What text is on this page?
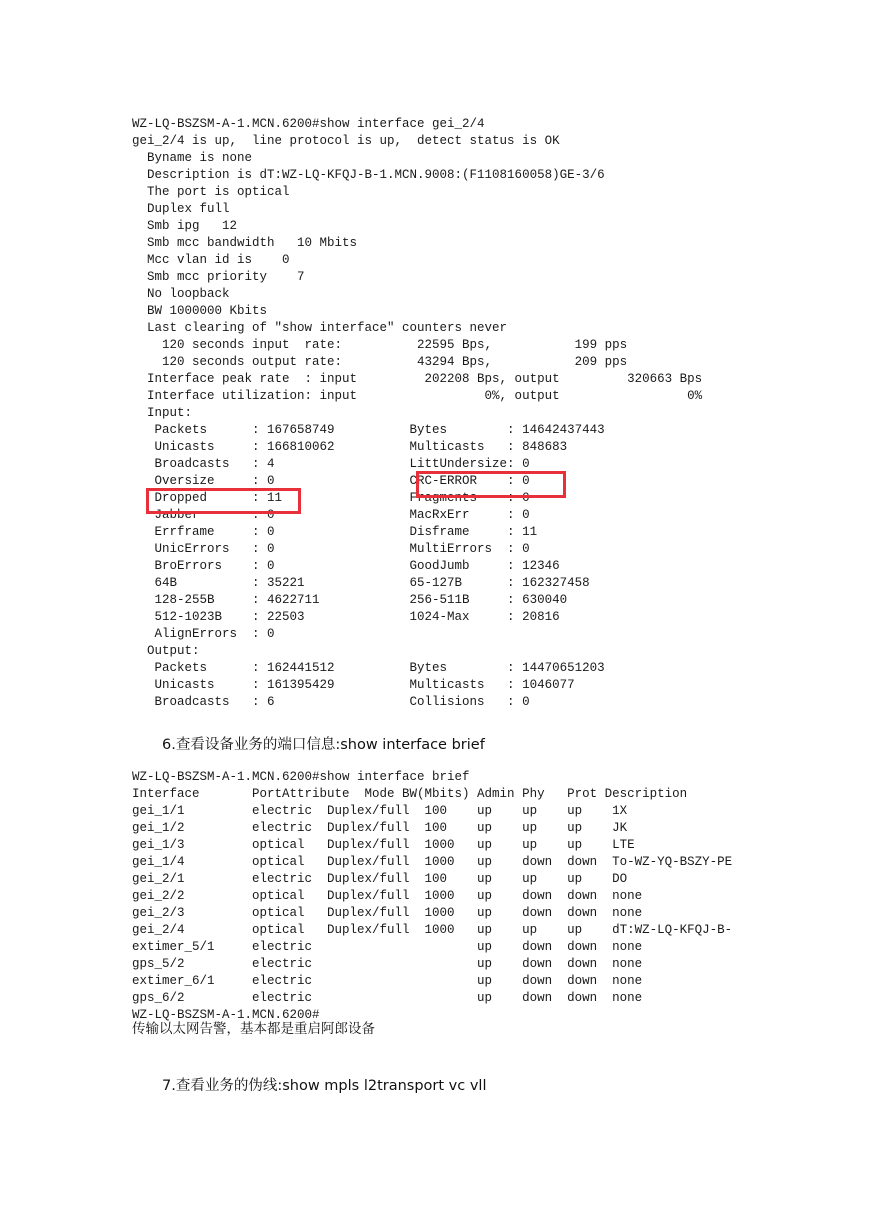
WZ-LQ-BSZSM-A-1.MCN.6200#show interface gei_2/4
gei_2/4 is up,  line protocol is up,  detect status is OK
Byname is none
Description is dT:WZ-LQ-KFQJ-B-1.MCN.9008:(F1108160058)GE-3/6
The port is optical
Duplex full
Smb ipg   12
Smb mcc bandwidth   10 Mbits
Mcc vlan id is    0
Smb mcc priority    7
No loopback
BW 1000000 Kbits
Last clearing of "show interface" counters never
120 seconds input  rate:          22595 Bps,           199 pps
120 seconds output rate:          43294 Bps,           209 pps
Interface peak rate  : input         202208 Bps, output         320663 Bps
Interface utilization: input                 0%, output                 0%
Input:
Packets      : 167658749          Bytes        : 14642437443
Unicasts     : 166810062          Multicasts   : 848683
Broadcasts   : 4                  LittUndersize: 0
Oversize     : 0                  CRC-ERROR    : 0
Dropped      : 11                 Fragments    : 0
Jabber       : 0                  MacRxErr     : 0
Errframe     : 0                  Disframe     : 11
UnicErrors   : 0                  MultiErrors  : 0
BroErrors    : 0                  GoodJumb     : 12346
64B          : 35221              65-127B      : 162327458
128-255B     : 4622711            256-511B     : 630040
512-1023B    : 22503              1024-Max     : 20816
AlignErrors  : 0
Output:
Packets      : 162441512          Bytes        : 14470651203
Unicasts     : 161395429          Multicasts   : 1046077
Broadcasts   : 6                  Collisions   : 0

6.查看设备业务的端口信息:show interface brief

WZ-LQ-BSZSM-A-1.MCN.6200#show interface brief
Interface       PortAttribute  Mode BW(Mbits) Admin Phy   Prot Description
gei_1/1         electric  Duplex/full  100    up    up    up    1X
gei_1/2         electric  Duplex/full  100    up    up    up    JK
gei_1/3         optical   Duplex/full  1000   up    up    up    LTE
gei_1/4         optical   Duplex/full  1000   up    down  down  To-WZ-YQ-BSZY-PE
gei_2/1         electric  Duplex/full  100    up    up    up    DO
gei_2/2         optical   Duplex/full  1000   up    down  down  none
gei_2/3         optical   Duplex/full  1000   up    down  down  none
gei_2/4         optical   Duplex/full  1000   up    up    up    dT:WZ-LQ-KFQJ-B-
extimer_5/1     electric                      up    down  down  none
gps_5/2         electric                      up    down  down  none
extimer_6/1     electric                      up    down  down  none
gps_6/2         electric                      up    down  down  none
WZ-LQ-BSZSM-A-1.MCN.6200#

传输以太网告警，基本都是重启阿郎设备

7.查看业务的伪线:show mpls l2transport vc vll
